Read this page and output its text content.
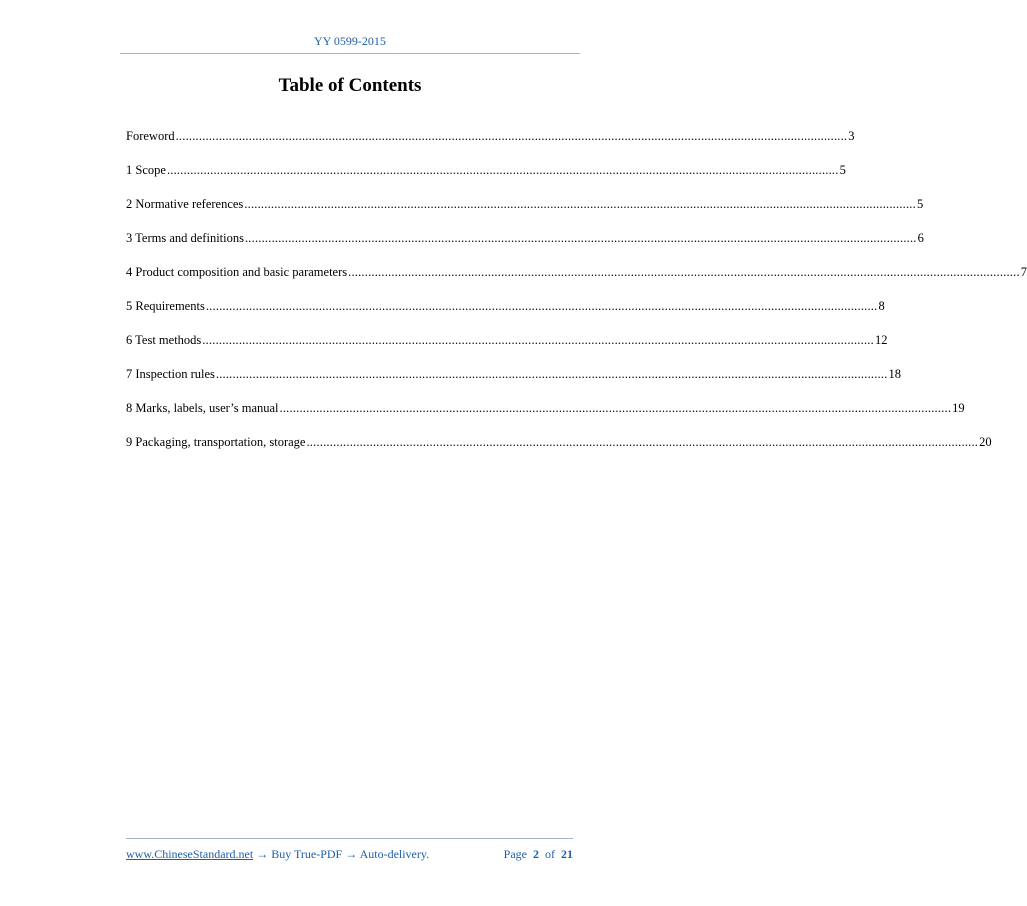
YY 0599-2015
Table of Contents
Foreword .......................................................................................................................................................................................................... 3
1 Scope .......................................................................................................................................................................................................... 5
2 Normative references .......................................................................................................................................................................................................... 5
3 Terms and definitions .......................................................................................................................................................................................................... 6
4 Product composition and basic parameters .......................................................................................................................................................................................................... 7
5 Requirements .......................................................................................................................................................................................................... 8
6 Test methods .......................................................................................................................................................................................................... 12
7 Inspection rules .......................................................................................................................................................................................................... 18
8 Marks, labels, user’s manual .......................................................................................................................................................................................................... 19
9 Packaging, transportation, storage .......................................................................................................................................................................................................... 20
www.ChineseStandard.net → Buy True-PDF → Auto-delivery.	Page 2 of 21
